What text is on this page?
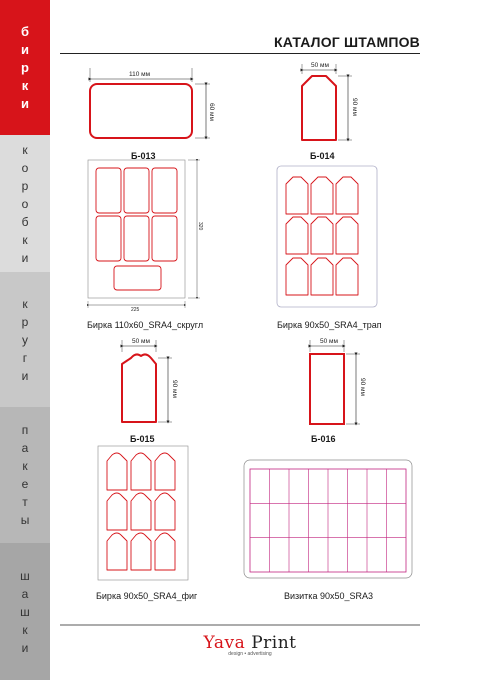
б
и
р
к
и
к
о
р
о
б
к
и
к
р
у
г
и
п
а
к
е
т
ы
ш
а
ш
к
и
КАТАЛОГ ШТАМПОВ
110 мм
60 мм
50 мм
90 мм
50 мм
90 мм
50 мм
90 мм
225
320
Б-013	Б-014
Б-015	Б-016
Бирка 110x60_SRA4_скругл	Бирка 90x50_SRA4_трап
Бирка 90x50_SRA4_фиг	Визитка 90x50_SRA3
Yava Print
design • advertising
